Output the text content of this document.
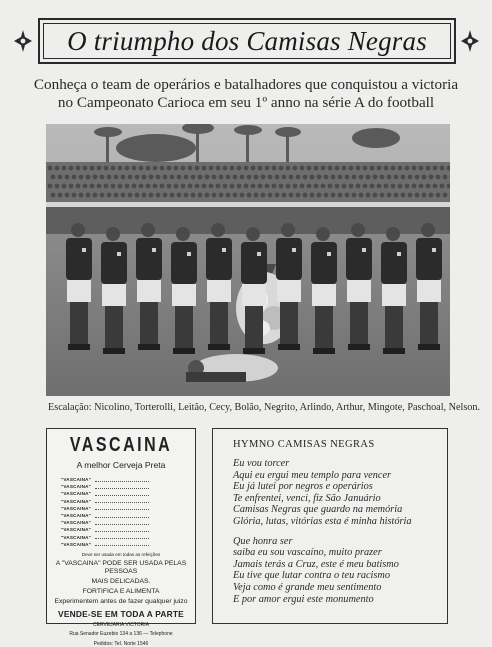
O triumpho dos Camisas Negras
Conheça o team de operários e batalhadores que conquistou a victoria
no Campeonato Carioca em seu 1º anno na série A do football
Escalação: Nicolino, Torterolli, Leitão, Cecy, Bolão, Negrito, Arlindo, Arthur, Mingote, Paschoal, Nelson.
VASCAINA
A melhor Cerveja Preta
"VASCAINA"
"VASCAINA"
"VASCAINA"
"VASCAINA"
"VASCAINA"
"VASCAINA"
"VASCAINA"
"VASCAINA"
"VASCAINA"
"VASCAINA"
Deve ser usada em todas as refeições
A "VASCAINA" PODE SER USADA PELAS PESSOAS
MAIS DELICADAS.
FORTIFICA E ALIMENTA
Experimentem antes de fazer qualquer juizo
VENDE-SE EM TODA A PARTE
CERVEJARIA VICTORIA
Rua Senador Euzebio 134 a 136 — Telephone
Pedidos: Tel. Norte 1546
HYMNO CAMISAS NEGRAS
Eu vou torcer
Aqui eu ergui meu templo para vencer
Eu já lutei por negros e operários
Te enfrentei, venci, fiz São Januário
Camisas Negras que guardo na memória
Glória, lutas, vitórias esta é minha história
Que honra ser
saiba eu sou vascaíno, muito prazer
Jamais terás a Cruz, este é meu batismo
Eu tive que lutar contra o teu racismo
Veja como é grande meu sentimento
E por amor ergui este monumento
